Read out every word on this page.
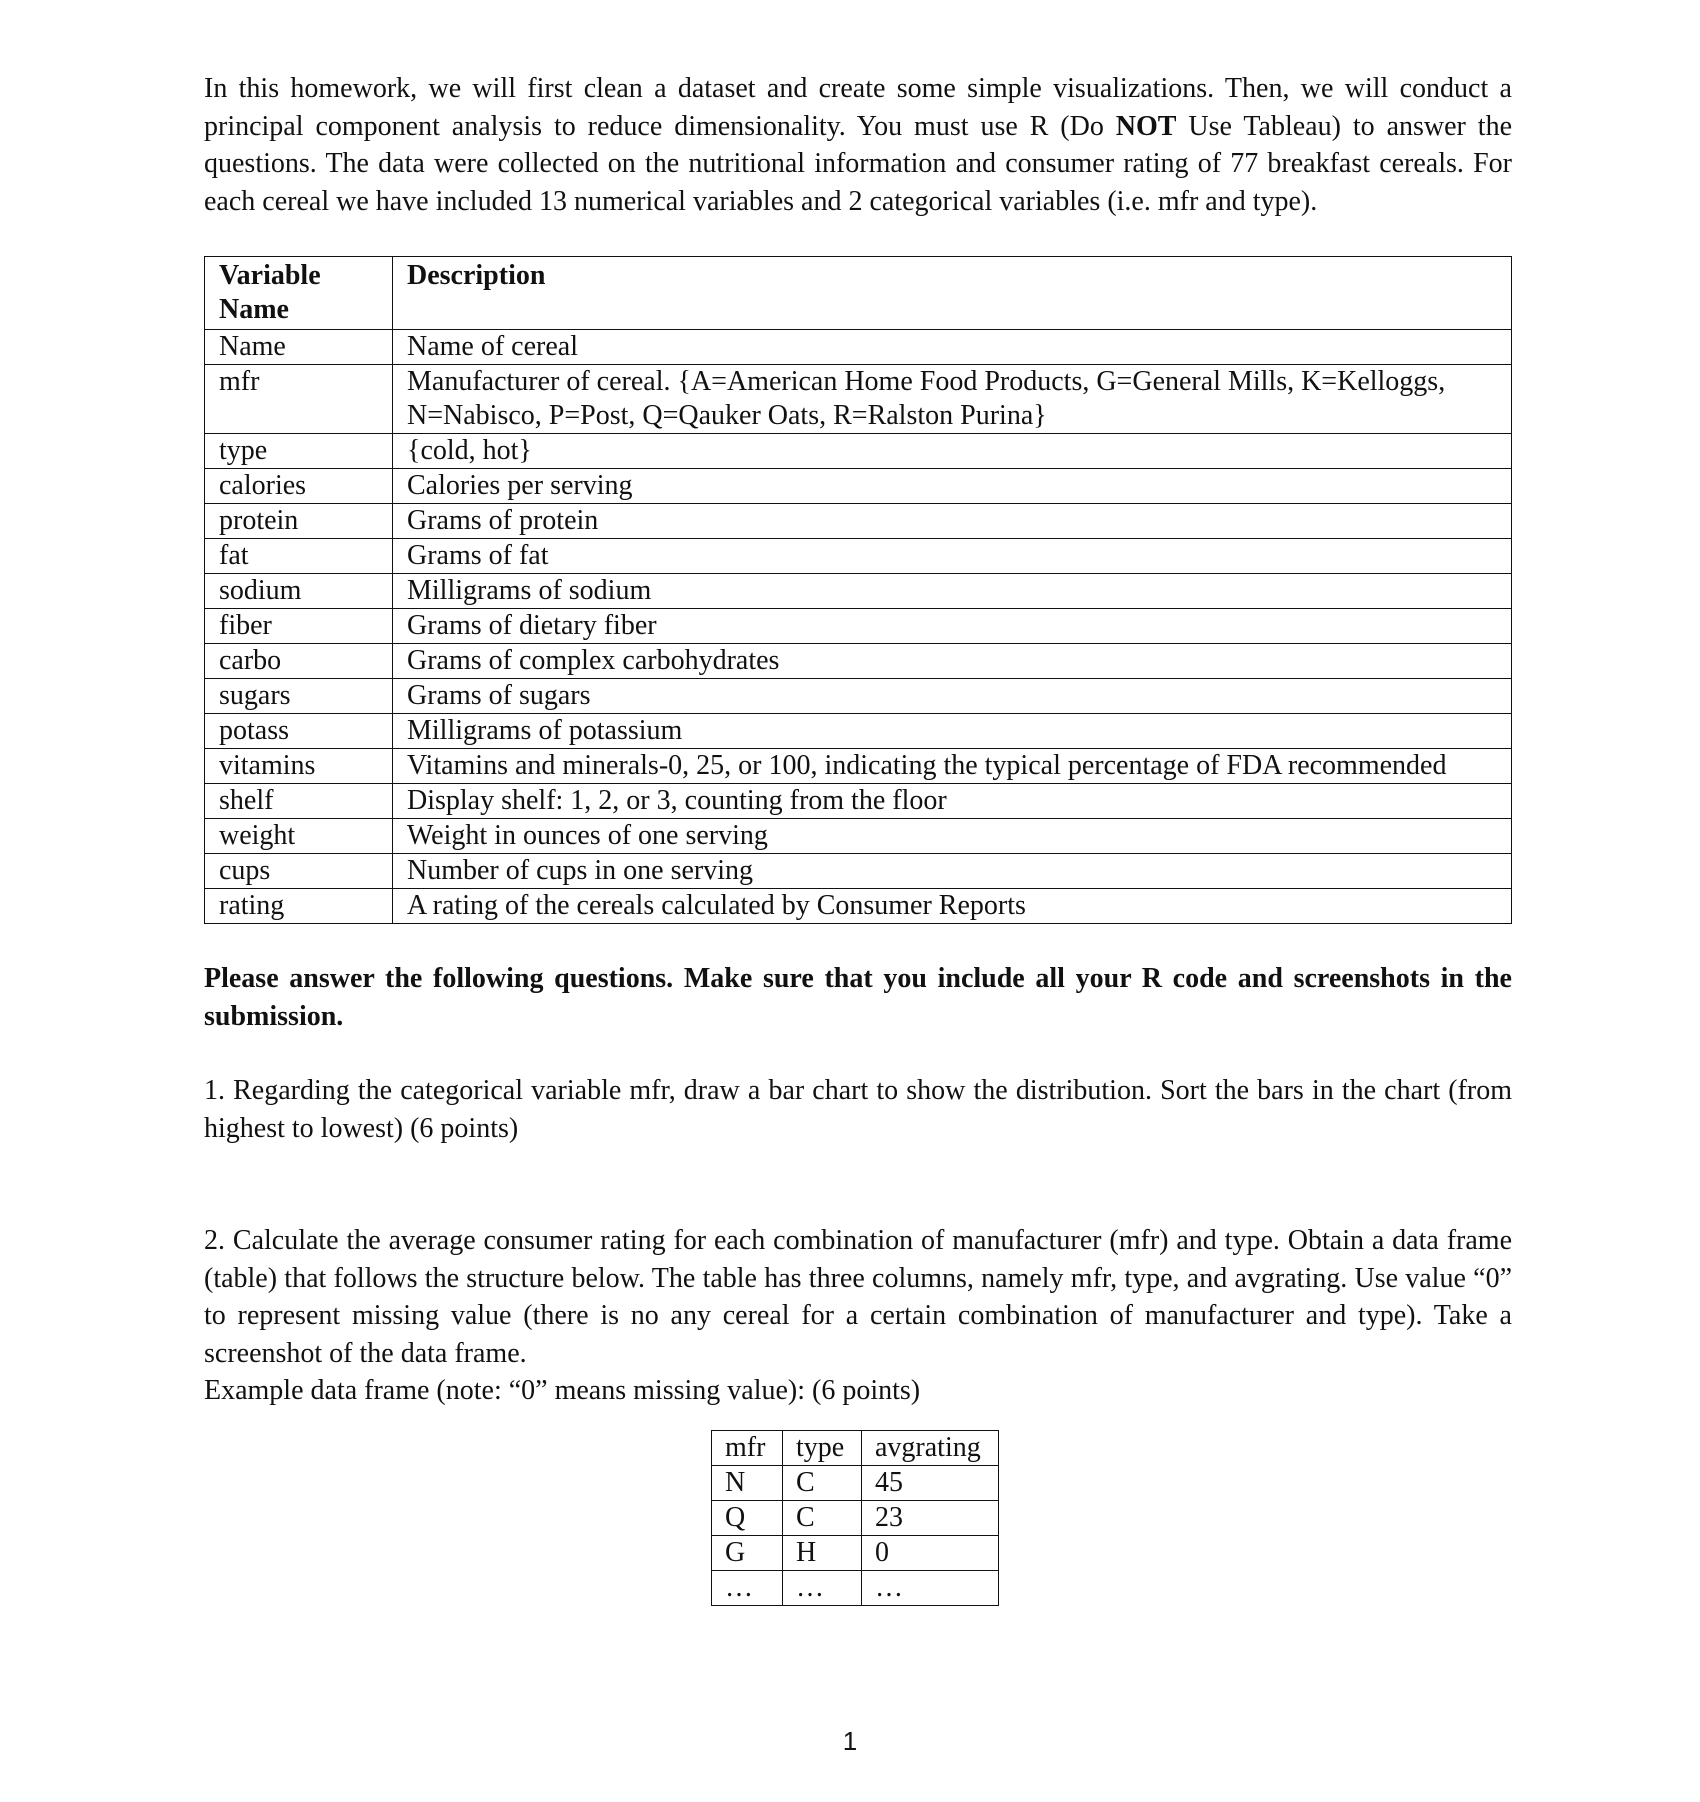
In this homework, we will first clean a dataset and create some simple visualizations. Then, we will conduct a principal component analysis to reduce dimensionality. You must use R (Do NOT Use Tableau) to answer the questions. The data were collected on the nutritional information and consumer rating of 77 breakfast cereals. For each cereal we have included 13 numerical variables and 2 categorical variables (i.e. mfr and type).

Variable Name	Description
Name	Name of cereal
mfr	Manufacturer of cereal. {A=American Home Food Products, G=General Mills, K=Kelloggs, N=Nabisco, P=Post, Q=Qauker Oats, R=Ralston Purina}
type	{cold, hot}
calories	Calories per serving
protein	Grams of protein
fat	Grams of fat
sodium	Milligrams of sodium
fiber	Grams of dietary fiber
carbo	Grams of complex carbohydrates
sugars	Grams of sugars
potass	Milligrams of potassium
vitamins	Vitamins and minerals-0, 25, or 100, indicating the typical percentage of FDA recommended
shelf	Display shelf: 1, 2, or 3, counting from the floor
weight	Weight in ounces of one serving
cups	Number of cups in one serving
rating	A rating of the cereals calculated by Consumer Reports

Please answer the following questions. Make sure that you include all your R code and screenshots in the submission.

1. Regarding the categorical variable mfr, draw a bar chart to show the distribution. Sort the bars in the chart (from highest to lowest) (6 points)

2. Calculate the average consumer rating for each combination of manufacturer (mfr) and type. Obtain a data frame (table) that follows the structure below. The table has three columns, namely mfr, type, and avgrating. Use value “0” to represent missing value (there is no any cereal for a certain combination of manufacturer and type). Take a screenshot of the data frame.

Example data frame (note: “0” means missing value): (6 points)

mfr	type	avgrating
N	C	45
Q	C	23
G	H	0
…	…	…
1
